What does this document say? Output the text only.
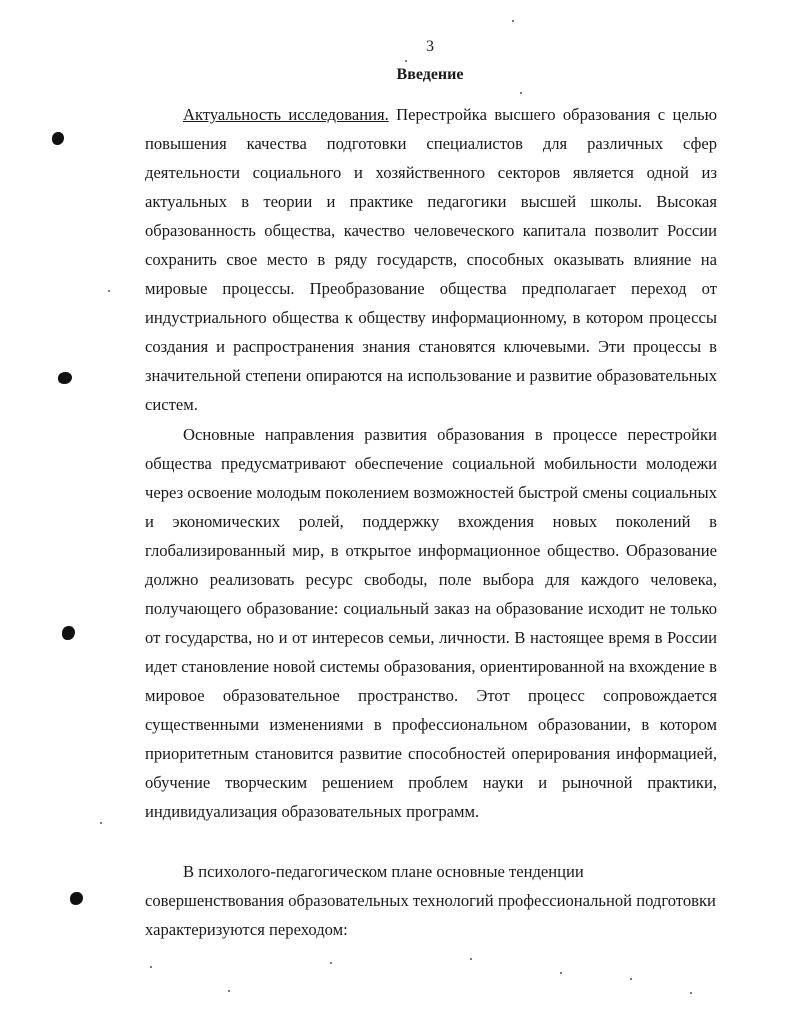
3
Введение

Актуальность исследования. Перестройка высшего образования с целью повышения качества подготовки специалистов для различных сфер деятельности социального и хозяйственного секторов является одной из актуальных в теории и практике педагогики высшей школы. Высокая образованность общества, качество человеческого капитала позволит России сохранить свое место в ряду государств, способных оказывать влияние на мировые процессы. Преобразование общества предполагает переход от индустриального общества к обществу информационному, в котором процессы создания и распространения знания становятся ключевыми. Эти процессы в значительной степени опираются на использование и развитие образовательных систем.

Основные направления развития образования в процессе перестройки общества предусматривают обеспечение социальной мобильности молодежи через освоение молодым поколением возможностей быстрой смены социальных и экономических ролей, поддержку вхождения новых поколений в глобализированный мир, в открытое информационное общество. Образование должно реализовать ресурс свободы, поле выбора для каждого человека, получающего образование: социальный заказ на образование исходит не только от государства, но и от интересов семьи, личности. В настоящее время в России идет становление новой системы образования, ориентированной на вхождение в мировое образовательное пространство. Этот процесс сопровождается существенными изменениями в профессиональном образовании, в котором приоритетным становится развитие способностей оперирования информацией, обучение творческим решением проблем науки и рыночной практики, индивидуализация образовательных программ.

В психолого-педагогическом плане основные тенденции совершенствования образовательных технологий профессиональной подготовки характеризуются переходом:
